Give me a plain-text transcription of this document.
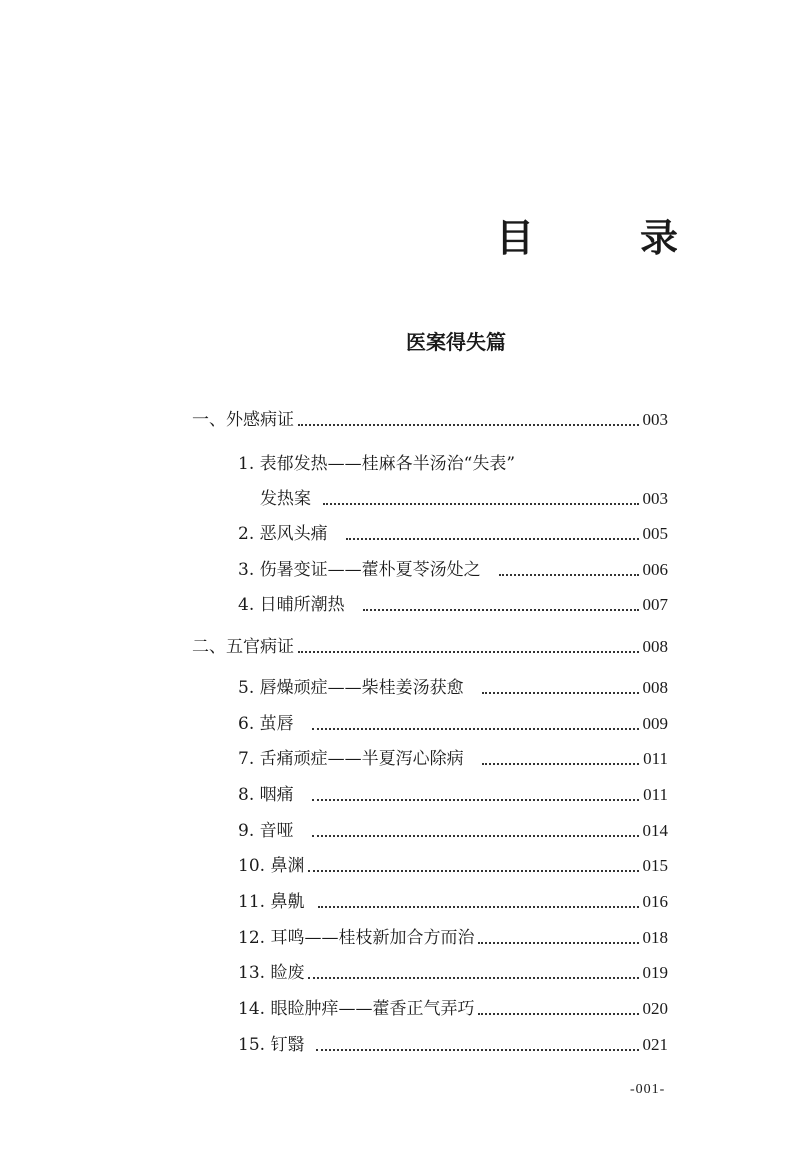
目　录
医案得失篇
一、外感病证	003
1. 表郁发热——桂麻各半汤治“失表”
发热案	003
2. 恶风头痛	005
3. 伤暑变证——藿朴夏苓汤处之	006
4. 日晡所潮热	007
二、五官病证	008
5. 唇燥顽症——柴桂姜汤获愈	008
6. 茧唇	009
7. 舌痛顽症——半夏泻心除病	011
8. 咽痛	011
9. 音哑	014
10. 鼻渊	015
11. 鼻鼽	016
12. 耳鸣——桂枝新加合方而治	018
13. 睑废	019
14. 眼睑肿痒——藿香正气弄巧	020
15. 钉翳	021
-001-
